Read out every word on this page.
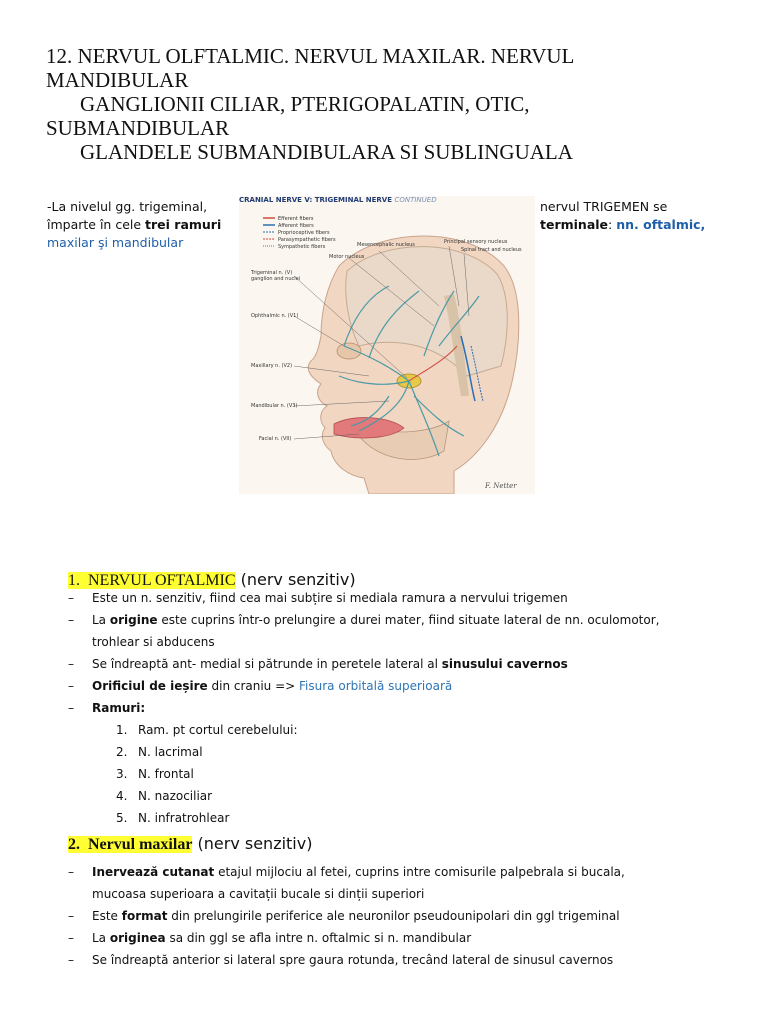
12. NERVUL OLFTALMIC. NERVUL MAXILAR. NERVUL
MANDIBULAR
GANGLIONII CILIAR, PTERIGOPALATIN, OTIC,
SUBMANDIBULAR
GLANDELE SUBMANDIBULARA SI SUBLINGUALA
-La nivelul gg. trigeminal,
împarte în cele trei ramuri
maxilar şi mandibular
nervul TRIGEMEN se
terminale: nn. oftalmic,
CRANIAL NERVE V: TRIGEMINAL NERVE CONTINUED
Efferent fibers
Afferent fibers
Proprioceptive fibers
Parasympathetic fibers
Sympathetic fibers
Trigeminal n. (V)
ganglion and nuclei
Ophthalmic n. (V1)
Maxillary n. (V2)
Mandibular n. (V3)
Facial n. (VII)
Mesencephalic nucleus	Principal sensory nucleus
Spinal tract and nucleus
Motor nucleus
F. Netter
1. NERVUL OFTALMIC (nerv senzitiv)
– Este un n. senzitiv, fiind cea mai subțire si mediala ramura a nervului trigemen
– La origine este cuprins într-o prelungire a durei mater, fiind situate lateral de nn. oculomotor,
trohlear si abducens
– Se îndreaptă ant- medial si pătrunde in peretele lateral al sinusului cavernos
– Orificiul de ieșire din craniu => Fisura orbitală superioară
– Ramuri:
1. Ram. pt cortul cerebelului:
2. N. lacrimal
3. N. frontal
4. N. nazociliar
5. N. infratrohlear
2. Nervul maxilar (nerv senzitiv)
– Inervează cutanat etajul mijlociu al fetei, cuprins intre comisurile palpebrala si bucala,
mucoasa superioara a cavitații bucale si dinții superiori
– Este format din prelungirile periferice ale neuronilor pseudounipolari din ggl trigeminal
– La originea sa din ggl se afla intre n. oftalmic si n. mandibular
– Se îndreaptă anterior si lateral spre gaura rotunda, trecând lateral de sinusul cavernos
